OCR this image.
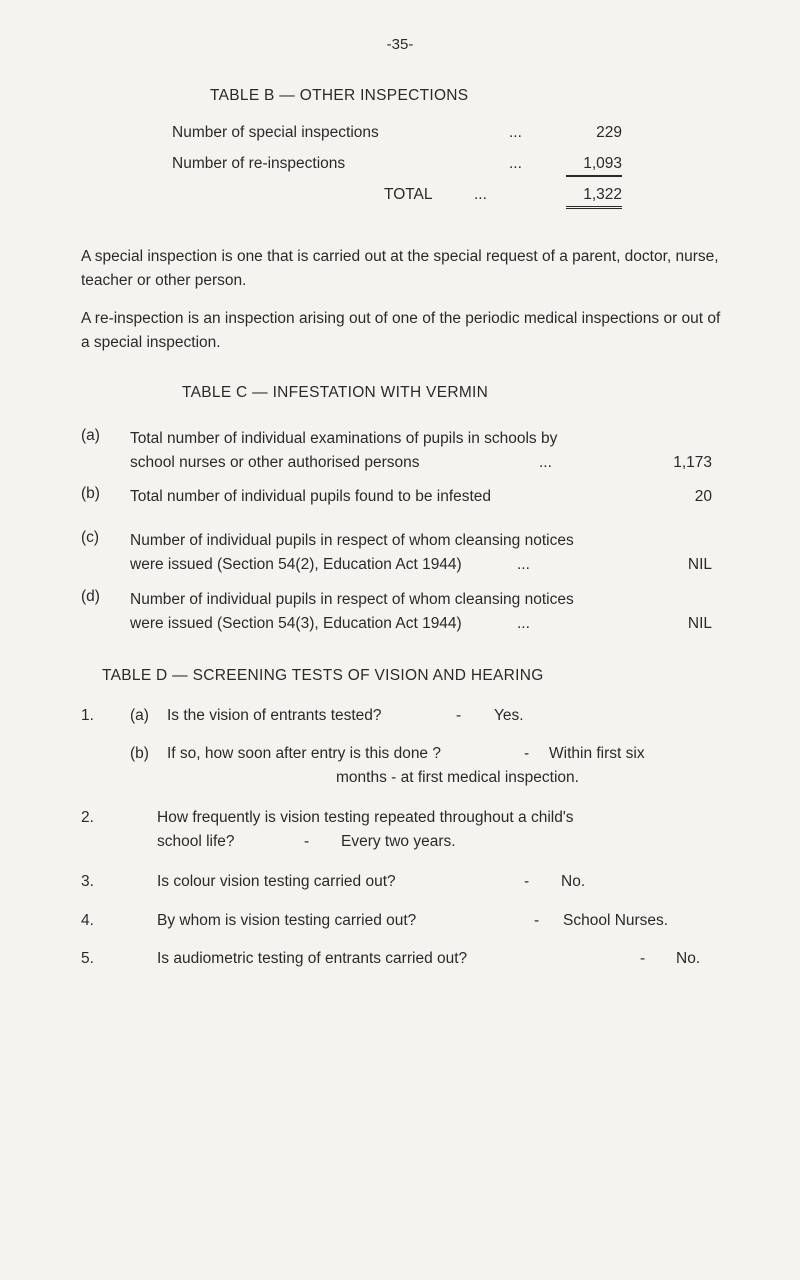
-35-
TABLE B — OTHER INSPECTIONS
Number of special inspections	...	229
Number of re-inspections	...	1,093
TOTAL	...	1,322
A special inspection is one that is carried out at the special request of a parent, doctor, nurse, teacher or other person.
A re-inspection is an inspection arising out of one of the periodic medical inspections or out of a special inspection.
TABLE C — INFESTATION WITH VERMIN
(a) Total number of individual examinations of pupils in schools by
school nurses or other authorised persons	...	1,173
(b) Total number of individual pupils found to be infested	20
(c) Number of individual pupils in respect of whom cleansing notices
were issued (Section 54(2), Education Act 1944)	...	NIL
(d) Number of individual pupils in respect of whom cleansing notices
were issued (Section 54(3), Education Act 1944)	...	NIL
TABLE D — SCREENING TESTS OF VISION AND HEARING
1. (a) Is the vision of entrants tested?	- Yes.
(b) If so, how soon after entry is this done ?	- Within first six
months - at first medical inspection.
2.	How frequently is vision testing repeated throughout a child's
school life?	- Every two years.
3.	Is colour vision testing carried out?	- No.
4.	By whom is vision testing carried out?	- School Nurses.
5.	Is audiometric testing of entrants carried out?	- No.
